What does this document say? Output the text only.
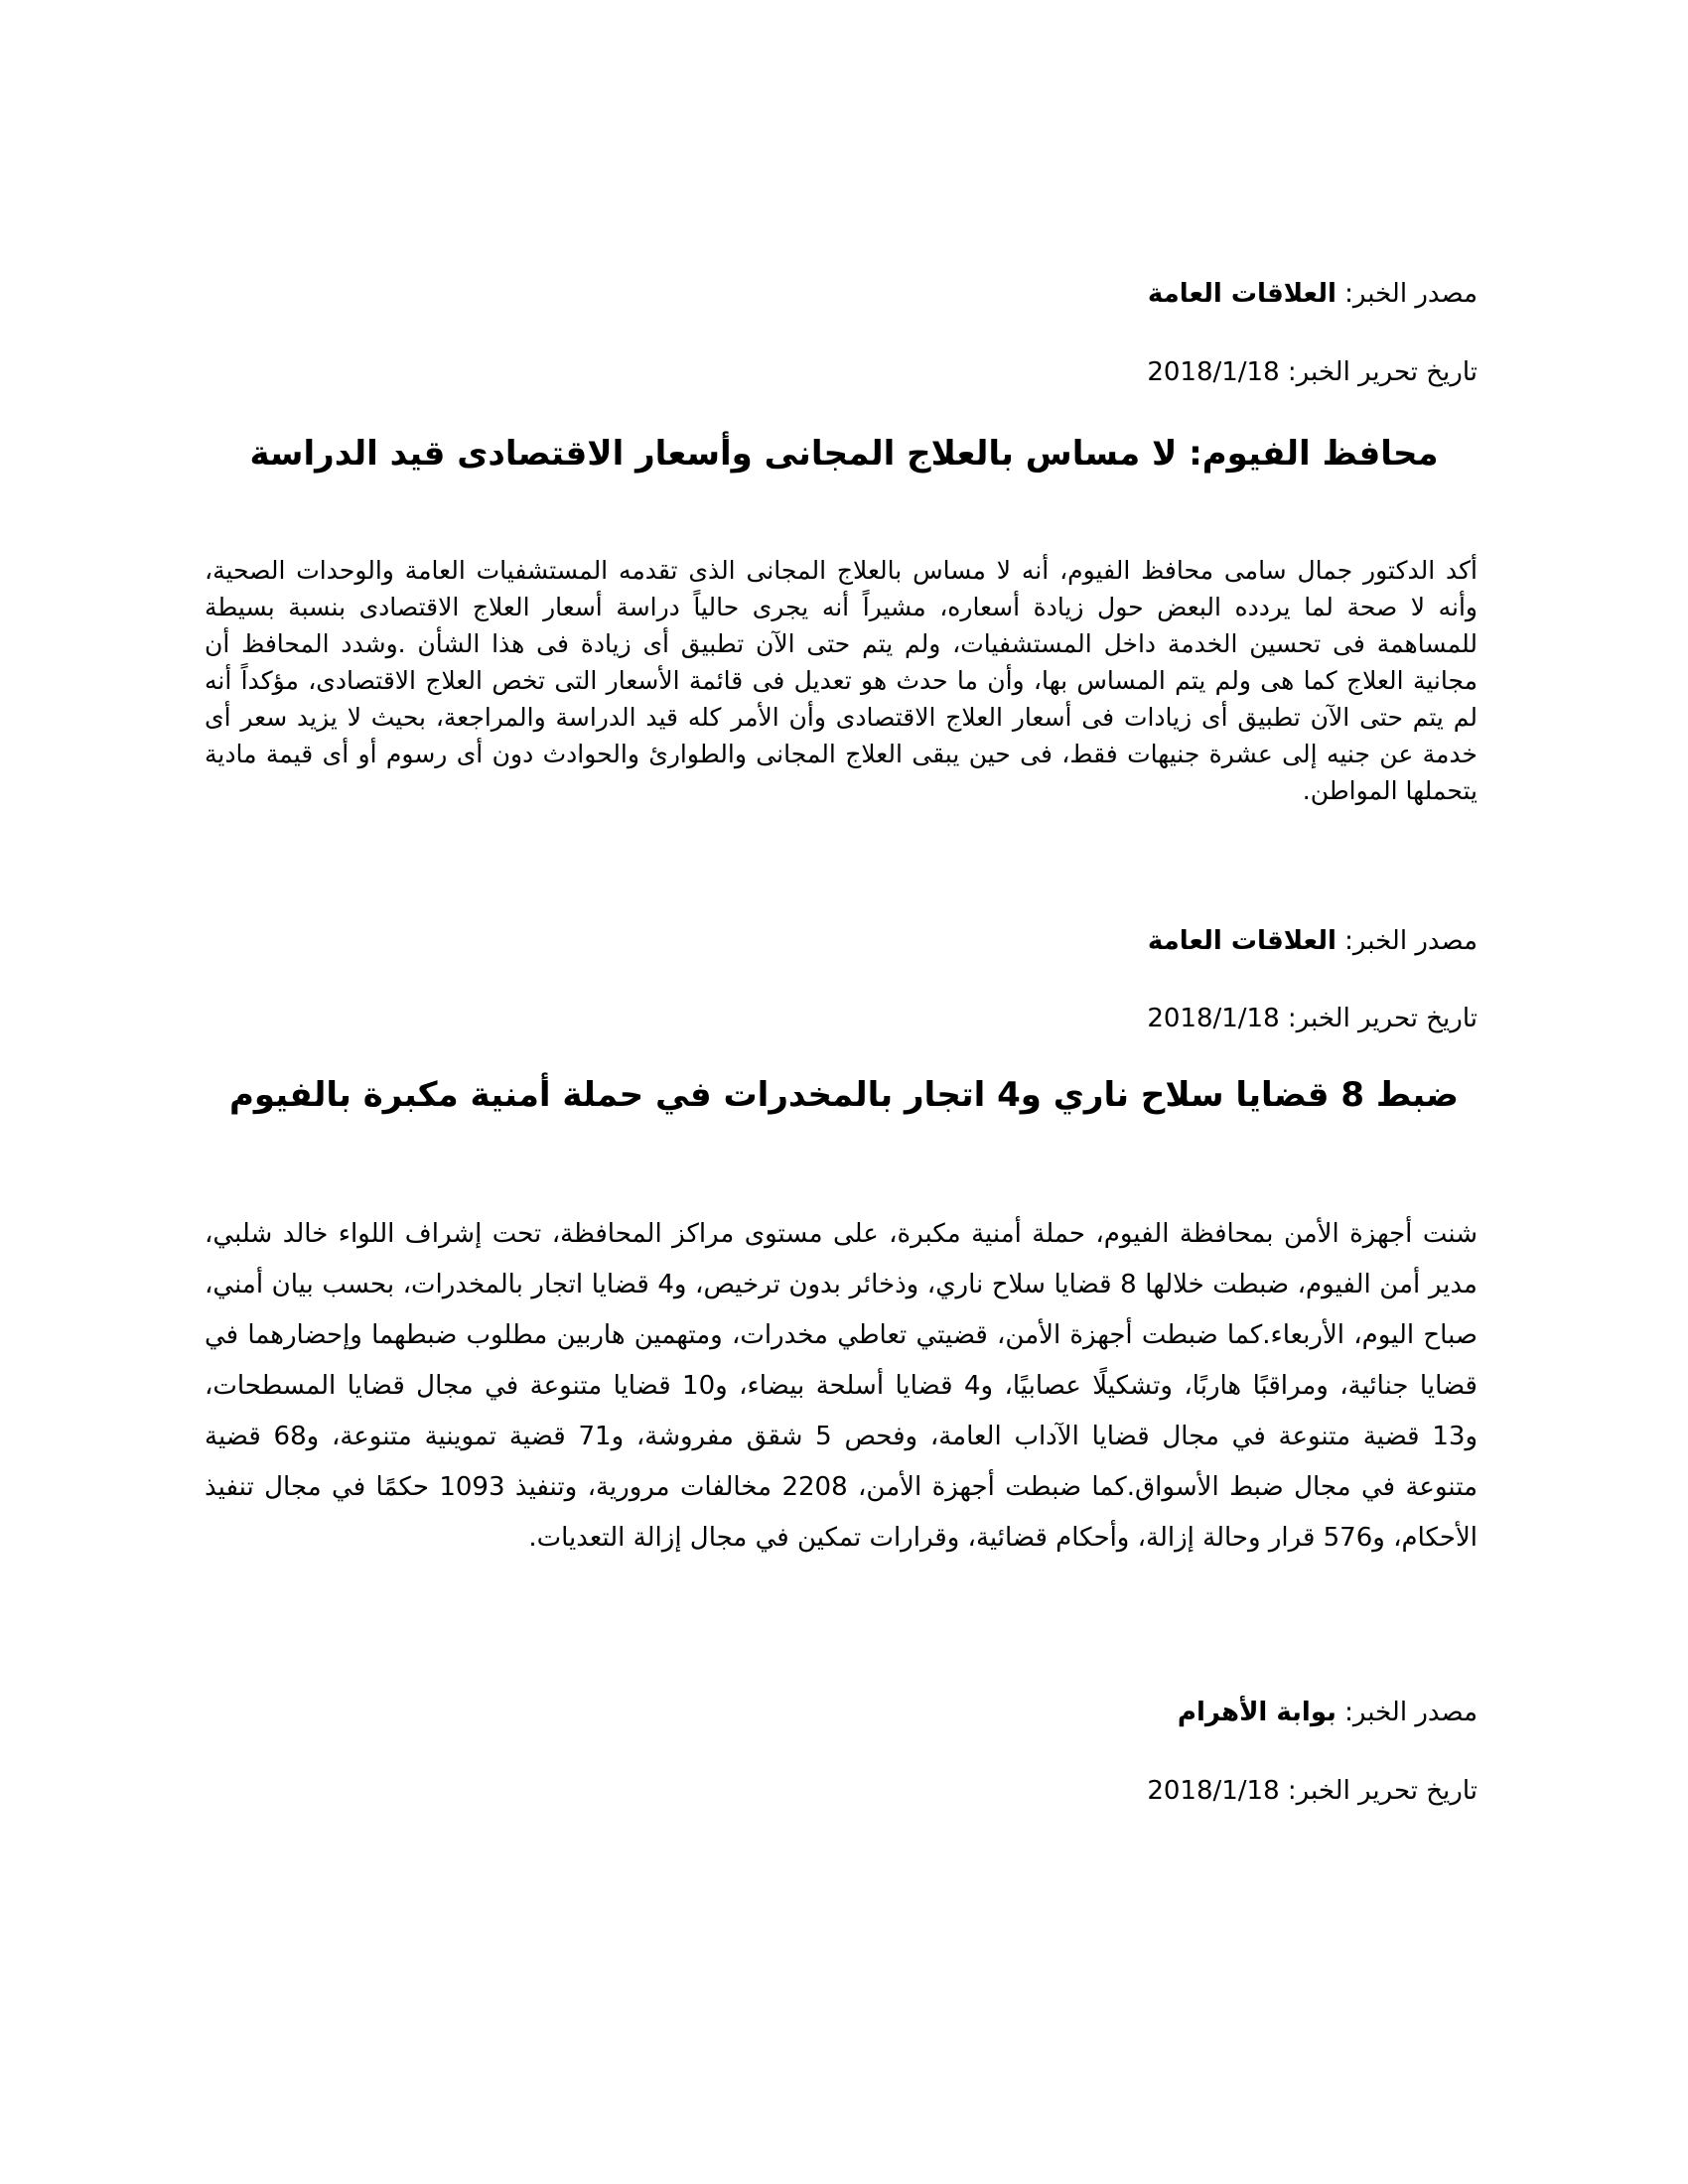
مصدر الخبر: العلاقات العامة
تاريخ تحرير الخبر: 2018/1/18
محافظ الفيوم: لا مساس بالعلاج المجانى وأسعار الاقتصادى قيد الدراسة
أكد الدكتور جمال سامى محافظ الفيوم، أنه لا مساس بالعلاج المجانى الذى تقدمه المستشفيات العامة والوحدات الصحية، وأنه لا صحة لما يردده البعض حول زيادة أسعاره، مشيراً أنه يجرى حالياً دراسة أسعار العلاج الاقتصادى بنسبة بسيطة للمساهمة فى تحسين الخدمة داخل المستشفيات، ولم يتم حتى الآن تطبيق أى زيادة فى هذا الشأن .وشدد المحافظ أن مجانية العلاج كما هى ولم يتم المساس بها، وأن ما حدث هو تعديل فى قائمة الأسعار التى تخص العلاج الاقتصادى، مؤكداً أنه لم يتم حتى الآن تطبيق أى زيادات فى أسعار العلاج الاقتصادى وأن الأمر كله قيد الدراسة والمراجعة، بحيث لا يزيد سعر أى خدمة عن جنيه إلى عشرة جنيهات فقط، فى حين يبقى العلاج المجانى والطوارئ والحوادث دون أى رسوم أو أى قيمة مادية يتحملها المواطن.
مصدر الخبر: العلاقات العامة
تاريخ تحرير الخبر: 2018/1/18
ضبط 8 قضايا سلاح ناري و4 اتجار بالمخدرات في حملة أمنية مكبرة بالفيوم
شنت أجهزة الأمن بمحافظة الفيوم، حملة أمنية مكبرة، على مستوى مراكز المحافظة، تحت إشراف اللواء خالد شلبي، مدير أمن الفيوم، ضبطت خلالها 8 قضايا سلاح ناري، وذخائر بدون ترخيص، و4 قضايا اتجار بالمخدرات، بحسب بيان أمني، صباح اليوم، الأربعاء.كما ضبطت أجهزة الأمن، قضيتي تعاطي مخدرات، ومتهمين هاربين مطلوب ضبطهما وإحضارهما في قضايا جنائية، ومراقبًا هاربًا، وتشكيلًا عصابيًا، و4 قضايا أسلحة بيضاء، و10 قضايا متنوعة في مجال قضايا المسطحات، و13 قضية متنوعة في مجال قضايا الآداب العامة، وفحص 5 شقق مفروشة، و71 قضية تموينية متنوعة، و68 قضية متنوعة في مجال ضبط الأسواق.كما ضبطت أجهزة الأمن، 2208 مخالفات مرورية، وتنفيذ 1093 حكمًا في مجال تنفيذ الأحكام، و576 قرار وحالة إزالة، وأحكام قضائية، وقرارات تمكين في مجال إزالة التعديات.
مصدر الخبر: بوابة الأهرام
تاريخ تحرير الخبر: 2018/1/18
